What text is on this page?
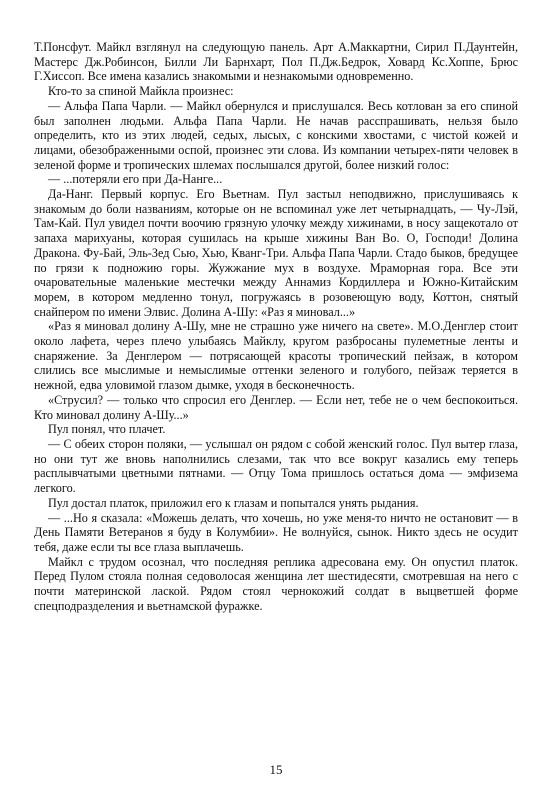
Т.Понсфут. Майкл взглянул на следующую панель. Арт А.Маккартни, Сирил П.Даунтейн, Мастерс Дж.Робинсон, Билли Ли Барнхарт, Пол П.Дж.Бедрок, Ховард Кс.Хоппе, Брюс Г.Хиссоп. Все имена казались знакомыми и незнакомыми одновременно.

Кто-то за спиной Майкла произнес:

— Альфа Папа Чарли. — Майкл обернулся и прислушался. Весь котлован за его спиной был заполнен людьми. Альфа Папа Чарли. Не начав расспрашивать, нельзя было определить, кто из этих людей, седых, лысых, с конскими хвостами, с чистой кожей и лицами, обезображенными оспой, произнес эти слова. Из компании четырех-пяти человек в зеленой форме и тропических шлемах послышался другой, более низкий голос:

— ...потеряли его при Да-Нанге...

Да-Нанг. Первый корпус. Его Вьетнам. Пул застыл неподвижно, прислушиваясь к знакомым до боли названиям, которые он не вспоминал уже лет четырнадцать, — Чу-Лэй, Там-Кай. Пул увидел почти воочию грязную улочку между хижинами, в носу защекотало от запаха марихуаны, которая сушилась на крыше хижины Ван Во. О, Господи! Долина Дракона. Фу-Бай, Эль-Зед Сью, Хью, Кванг-Три. Альфа Папа Чарли. Стадо быков, бредущее по грязи к подножию горы. Жужжание мух в воздухе. Мраморная гора. Все эти очаровательные маленькие местечки между Аннамиз Кордиллера и Южно-Китайским морем, в котором медленно тонул, погружаясь в розовеющую воду, Коттон, снятый снайпером по имени Элвис. Долина А-Шу: «Раз я миновал...»

«Раз я миновал долину А-Шу, мне не страшно уже ничего на свете». М.О.Денглер стоит около лафета, через плечо улыбаясь Майклу, кругом разбросаны пулеметные ленты и снаряжение. За Денглером — потрясающей красоты тропический пейзаж, в котором слились все мыслимые и немыслимые оттенки зеленого и голубого, пейзаж теряется в нежной, едва уловимой глазом дымке, уходя в бесконечность.

«Струсил? — только что спросил его Денглер. — Если нет, тебе не о чем беспокоиться. Кто миновал долину А-Шу...»

Пул понял, что плачет.

— С обеих сторон поляки, — услышал он рядом с собой женский голос. Пул вытер глаза, но они тут же вновь наполнились слезами, так что все вокруг казались ему теперь расплывчатыми цветными пятнами. — Отцу Тома пришлось остаться дома — эмфизема легкого.

Пул достал платок, приложил его к глазам и попытался унять рыдания.

— ...Но я сказала: «Можешь делать, что хочешь, но уже меня-то ничто не остановит — в День Памяти Ветеранов я буду в Колумбии». Не волнуйся, сынок. Никто здесь не осудит тебя, даже если ты все глаза выплачешь.

Майкл с трудом осознал, что последняя реплика адресована ему. Он опустил платок. Перед Пулом стояла полная седоволосая женщина лет шестидесяти, смотревшая на него с почти материнской лаской. Рядом стоял чернокожий солдат в выцветшей форме спецподразделения и вьетнамской фуражке.

15
